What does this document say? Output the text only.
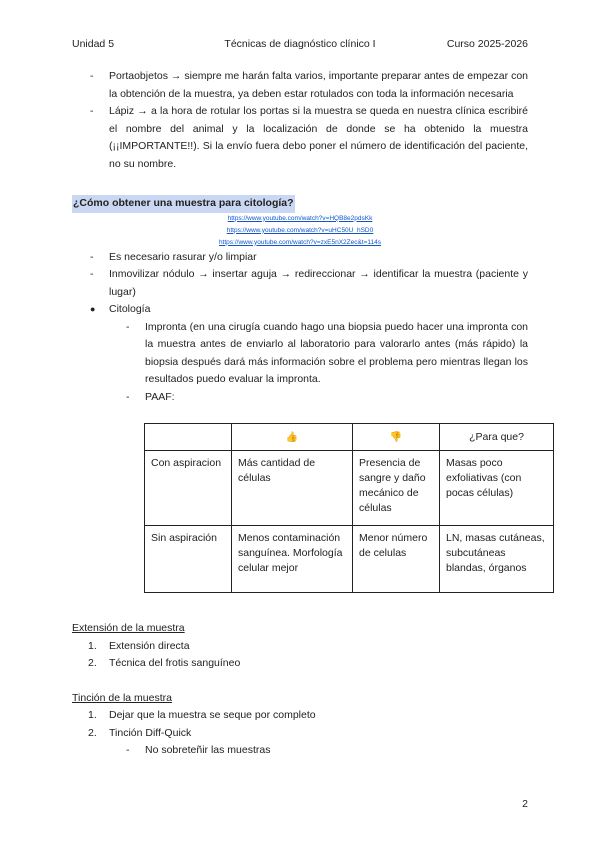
Unidad 5	Técnicas de diagnóstico clínico I	Curso 2025-2026
- Portaobjetos → siempre me harán falta varios, importante preparar antes de empezar con la obtención de la muestra, ya deben estar rotulados con toda la información necesaria
- Lápiz → a la hora de rotular los portas si la muestra se queda en nuestra clínica escribiré el nombre del animal y la localización de donde se ha obtenido la muestra (¡¡IMPORTANTE!!). Si la envío fuera debo poner el número de identificación del paciente, no su nombre.
¿Cómo obtener una muestra para citología?
https://www.youtube.com/watch?v=HQB8e2pdsKk
https://www.youtube.com/watch?v=uHC50U_hSD0
https://www.youtube.com/watch?v=zxE5nX2Zec&t=114s
- Es necesario rasurar y/o limpiar
- Inmovilizar nódulo → insertar aguja → redireccionar → identificar la muestra (paciente y lugar)
● Citología
- Impronta (en una cirugía cuando hago una biopsia puedo hacer una impronta con la muestra antes de enviarlo al laboratorio para valorarlo antes (más rápido) la biopsia después dará más información sobre el problema pero mientras llegan los resultados puedo evaluar la impronta.
- PAAF:
	👍	👎	¿Para que?
Con aspiracion	Más cantidad de células	Presencia de sangre y daño mecánico de células	Masas poco exfoliativas (con pocas células)
Sin aspiración	Menos contaminación sanguínea. Morfología celular mejor	Menor número de celulas	LN, masas cutáneas, subcutáneas blandas, órganos
Extensión de la muestra
1. Extensión directa
2. Técnica del frotis sanguíneo
Tinción de la muestra
1. Dejar que la muestra se seque por completo
2. Tinción Diff-Quick
- No sobreteñir las muestras
2
